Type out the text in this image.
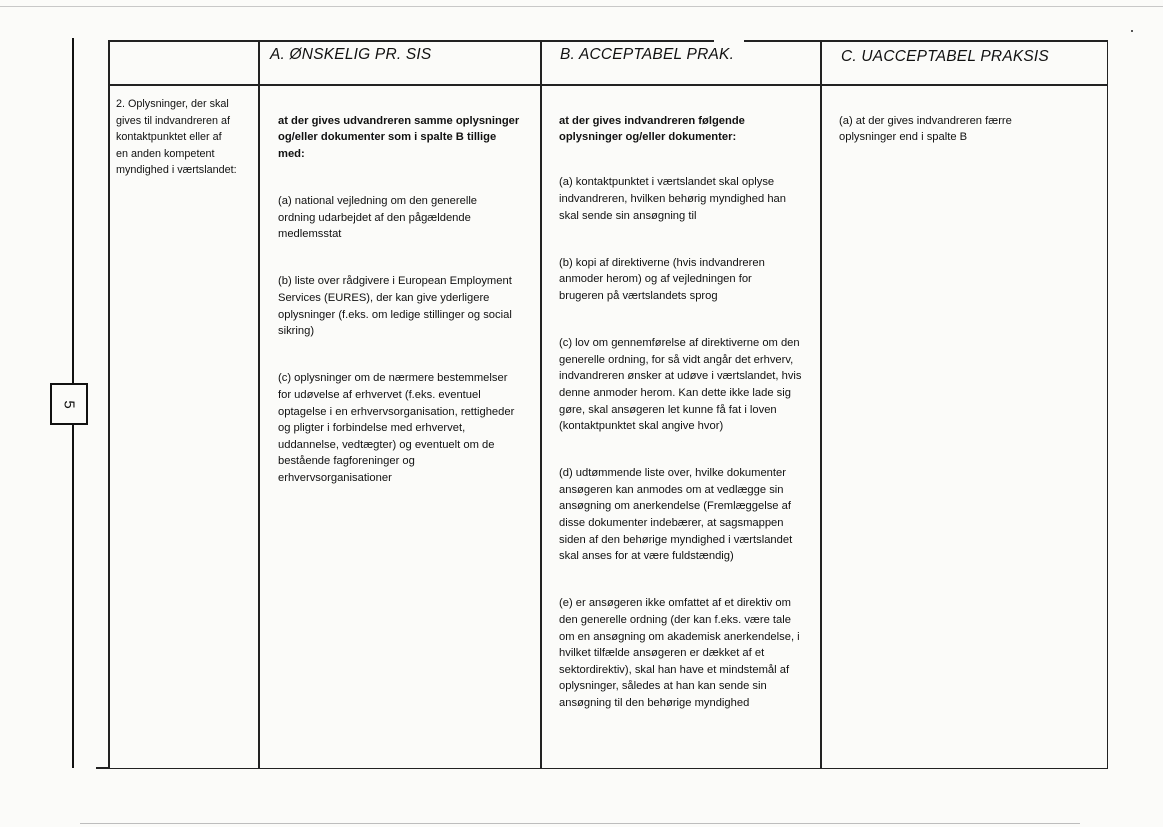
5
A. ØNSKELIG PR. SIS	B. ACCEPTABEL PRAK.	C. UACCEPTABEL PRAKSIS
2. Oplysninger, der skal
gives til indvandreren af
kontaktpunktet eller af
en anden kompetent
myndighed i værtslandet:

at der gives udvandreren samme oplysninger
og/eller dokumenter som i spalte B tillige
med:

(a) national vejledning om den generelle
ordning udarbejdet af den pågældende
medlemsstat

(b) liste over rådgivere i European Employment
Services (EURES), der kan give yderligere
oplysninger (f.eks. om ledige stillinger og social
sikring)

(c) oplysninger om de nærmere bestemmelser
for udøvelse af erhvervet (f.eks. eventuel
optagelse i en erhvervsorganisation, rettigheder
og pligter i forbindelse med erhvervet,
uddannelse, vedtægter) og eventuelt om de
bestående fagforeninger og
erhvervsorganisationer

at der gives indvandreren følgende
oplysninger og/eller dokumenter:

(a) kontaktpunktet i værtslandet skal oplyse
indvandreren, hvilken behørig myndighed han
skal sende sin ansøgning til

(b) kopi af direktiverne (hvis indvandreren
anmoder herom) og af vejledningen for
brugeren på værtslandets sprog

(c) lov om gennemførelse af direktiverne om den
generelle ordning, for så vidt angår det erhverv,
indvandreren ønsker at udøve i værtslandet, hvis
denne anmoder herom. Kan dette ikke lade sig
gøre, skal ansøgeren let kunne få fat i loven
(kontaktpunktet skal angive hvor)

(d) udtømmende liste over, hvilke dokumenter
ansøgeren kan anmodes om at vedlægge sin
ansøgning om anerkendelse (Fremlæggelse af
disse dokumenter indebærer, at sagsmappen
siden af den behørige myndighed i værtslandet
skal anses for at være fuldstændig)

(e) er ansøgeren ikke omfattet af et direktiv om
den generelle ordning (der kan f.eks. være tale
om en ansøgning om akademisk anerkendelse, i
hvilket tilfælde ansøgeren er dækket af et
sektordirektiv), skal han have et mindstemål af
oplysninger, således at han kan sende sin
ansøgning til den behørige myndighed

(a) at der gives indvandreren færre
oplysninger end i spalte B
